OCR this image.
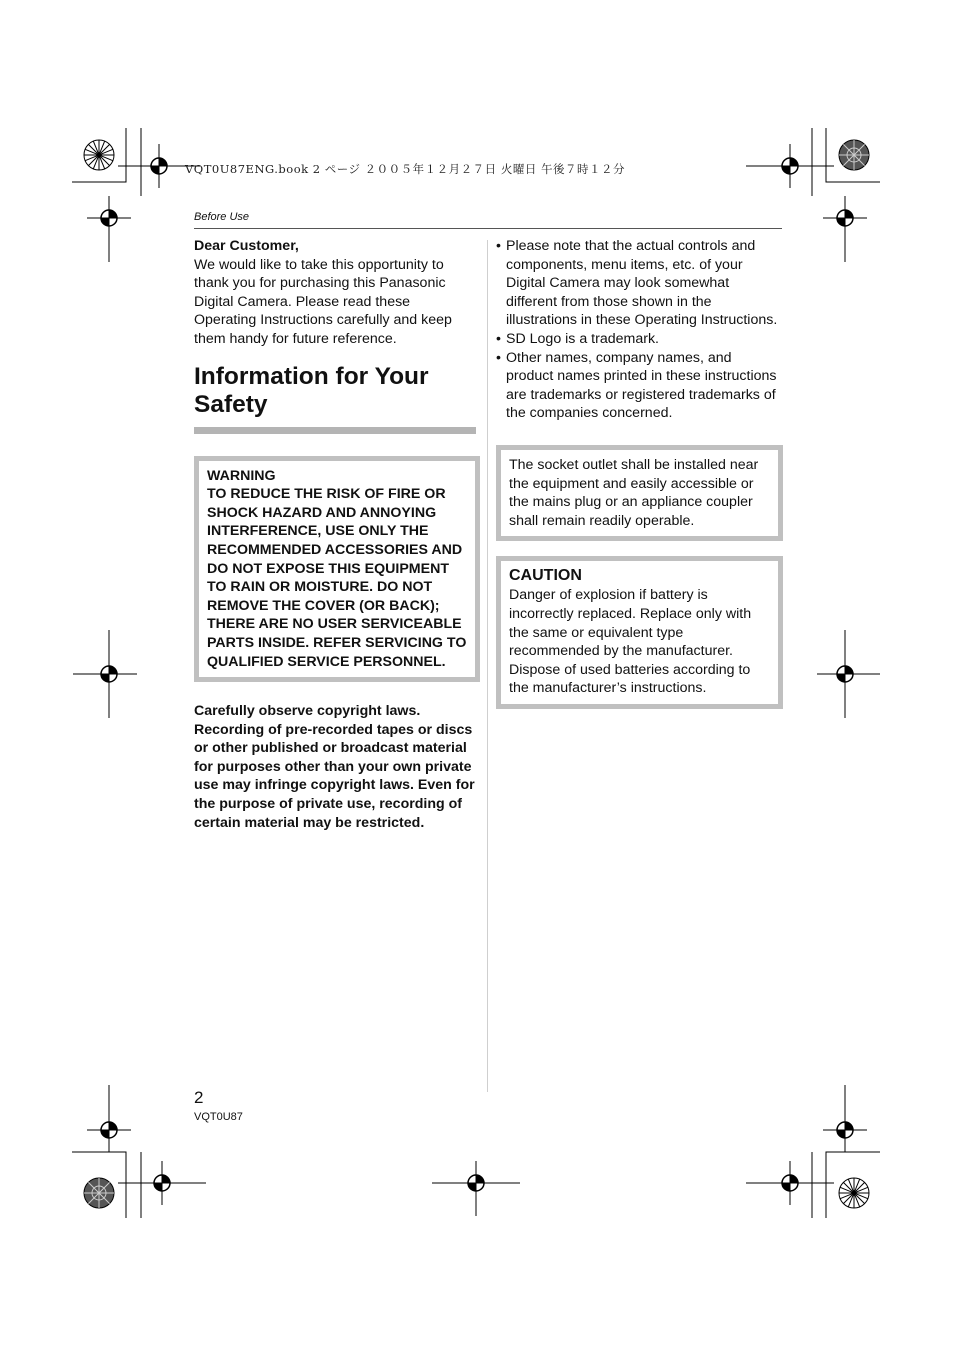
VQT0U87ENG.book 2 ページ ２００５年１２月２７日 火曜日 午後７時１２分
Before Use

Dear Customer,

We would like to take this opportunity to thank you for purchasing this Panasonic Digital Camera. Please read these Operating Instructions carefully and keep them handy for future reference.

Information for Your
Safety

WARNING

TO REDUCE THE RISK OF FIRE OR SHOCK HAZARD AND ANNOYING INTERFERENCE, USE ONLY THE RECOMMENDED ACCESSORIES AND DO NOT EXPOSE THIS EQUIPMENT TO RAIN OR MOISTURE. DO NOT REMOVE THE COVER (OR BACK); THERE ARE NO USER SERVICEABLE PARTS INSIDE. REFER SERVICING TO QUALIFIED SERVICE PERSONNEL.

Carefully observe copyright laws. Recording of pre-recorded tapes or discs or other published or broadcast material for purposes other than your own private use may infringe copyright laws. Even for the purpose of private use, recording of certain material may be restricted.

• Please note that the actual controls and components, menu items, etc. of your Digital Camera may look somewhat different from those shown in the illustrations in these Operating Instructions.
• SD Logo is a trademark.
• Other names, company names, and product names printed in these instructions are trademarks or registered trademarks of the companies concerned.

The socket outlet shall be installed near the equipment and easily accessible or the mains plug or an appliance coupler shall remain readily operable.

CAUTION

Danger of explosion if battery is incorrectly replaced. Replace only with the same or equivalent type recommended by the manufacturer. Dispose of used batteries according to the manufacturer’s instructions.

2
VQT0U87
